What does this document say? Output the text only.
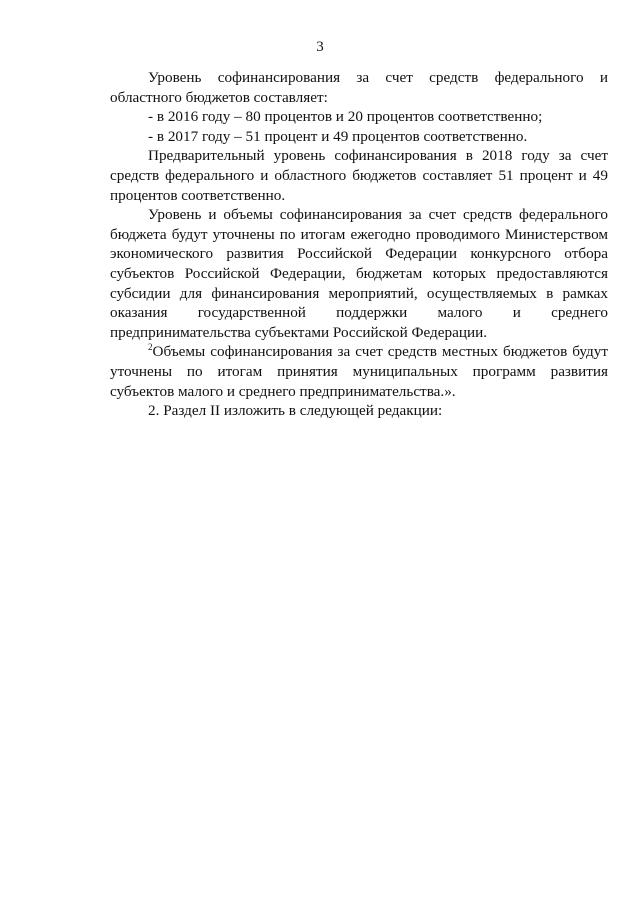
3

Уровень софинансирования за счет средств федерального и областного бюджетов составляет:

- в 2016 году – 80 процентов и 20 процентов соответственно;

- в 2017 году – 51 процент и 49 процентов соответственно.

Предварительный уровень софинансирования в 2018 году за счет средств федерального и областного бюджетов составляет 51 процент и 49 процентов соответственно.

Уровень и объемы софинансирования за счет средств федерального бюджета будут уточнены по итогам ежегодно проводимого Министерством экономического развития Российской Федерации конкурсного отбора субъектов Российской Федерации, бюджетам которых предоставляются субсидии для финансирования мероприятий, осуществляемых в рамках оказания государственной поддержки малого и среднего предпринимательства субъектами Российской Федерации.

$^2$Объемы софинансирования за счет средств местных бюджетов будут уточнены по итогам принятия муниципальных программ развития субъектов малого и среднего предпринимательства.».

2. Раздел II изложить в следующей редакции:
